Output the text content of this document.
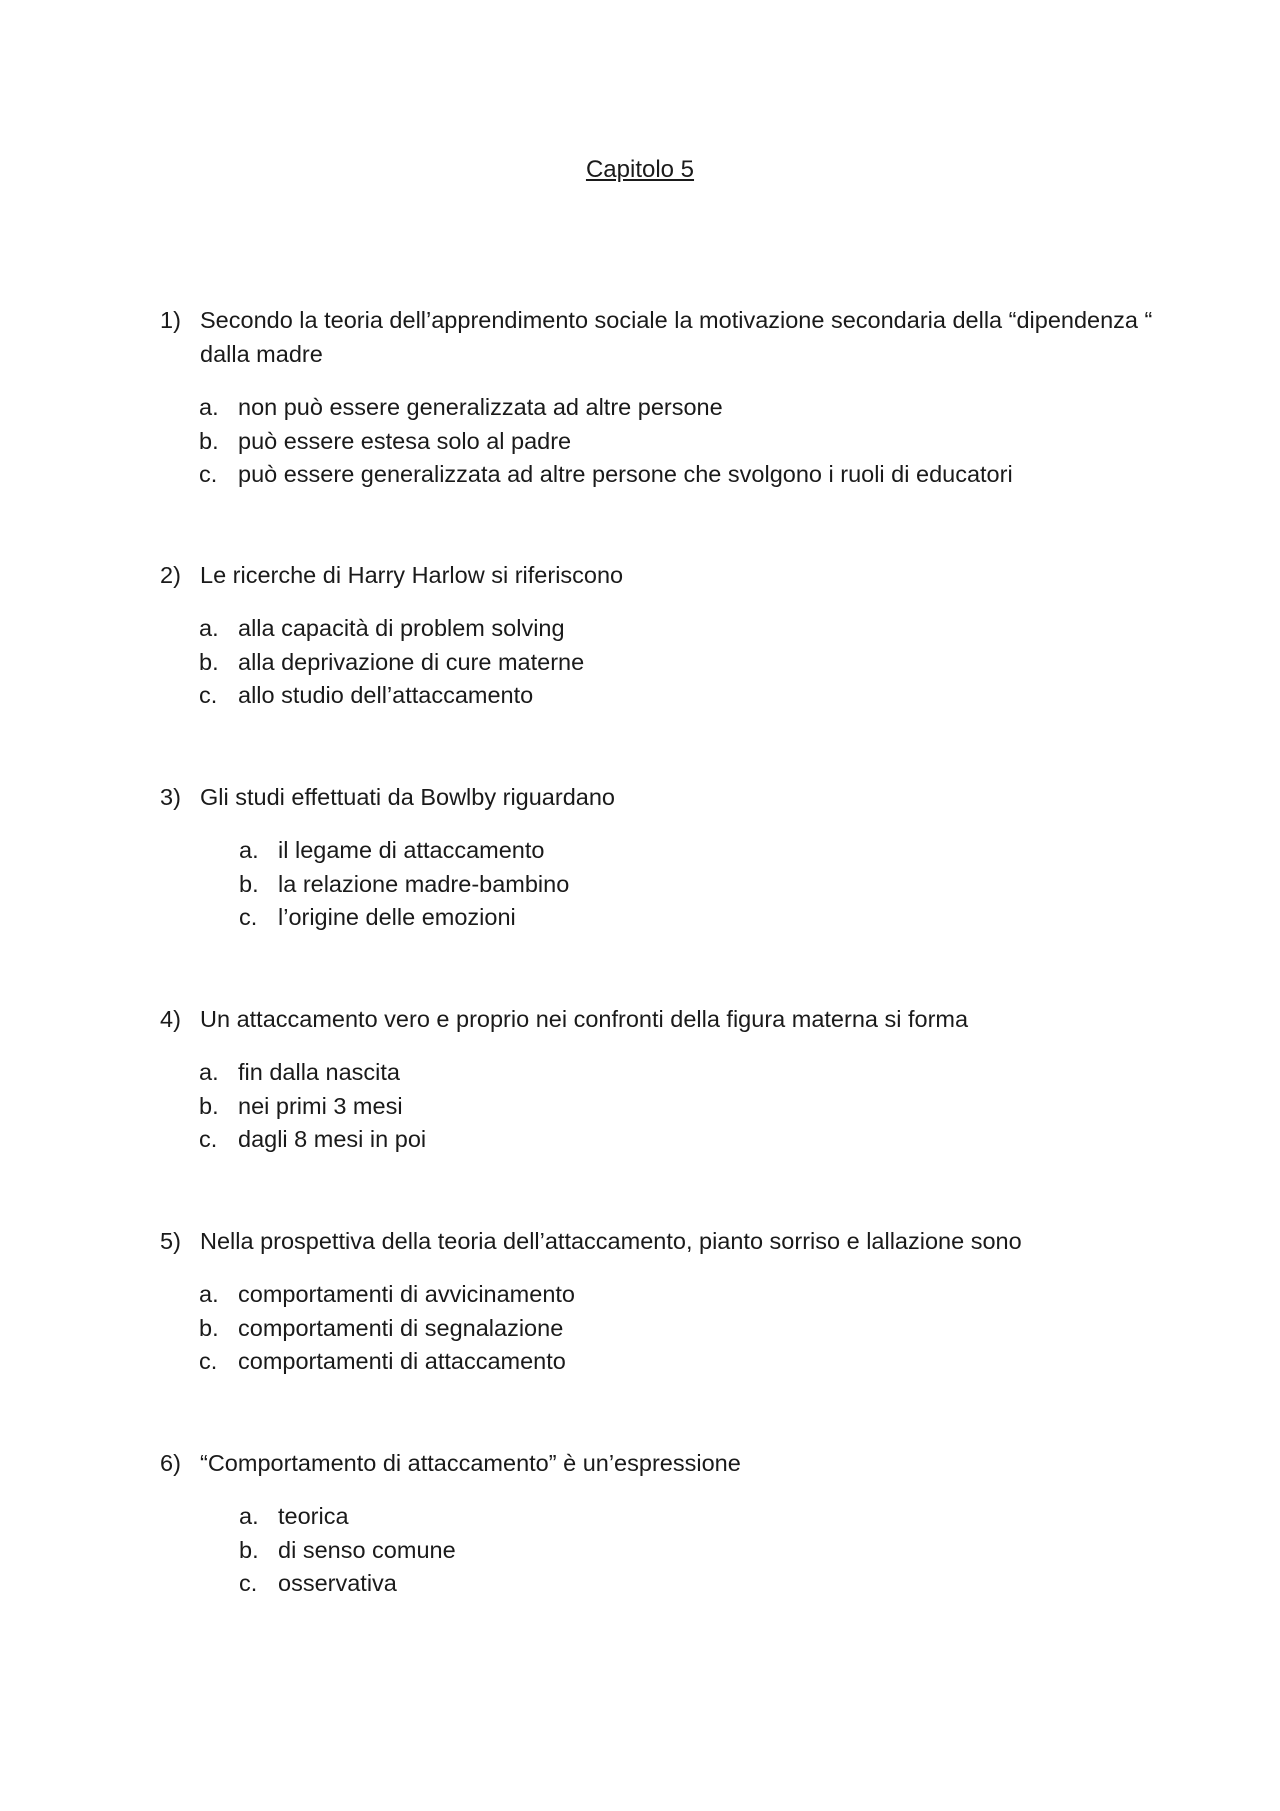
Capitolo 5
1) Secondo la teoria dell’apprendimento sociale la motivazione secondaria della “dipendenza “ dalla madre
a. non può essere generalizzata ad altre persone
b. può essere estesa solo al padre
c. può essere generalizzata ad altre persone che svolgono i ruoli di educatori
2) Le ricerche di Harry Harlow si riferiscono
a. alla capacità di problem solving
b. alla deprivazione di cure materne
c. allo studio dell’attaccamento
3) Gli studi effettuati da Bowlby riguardano
a. il legame di attaccamento
b. la relazione madre-bambino
c. l’origine delle emozioni
4) Un attaccamento vero e proprio nei confronti della figura materna si forma
a. fin dalla nascita
b. nei primi 3 mesi
c. dagli 8 mesi in poi
5) Nella prospettiva della teoria dell’attaccamento, pianto sorriso e lallazione sono
a. comportamenti di avvicinamento
b. comportamenti di segnalazione
c. comportamenti di attaccamento
6) “Comportamento di attaccamento” è un’espressione
a. teorica
b. di senso comune
c. osservativa
